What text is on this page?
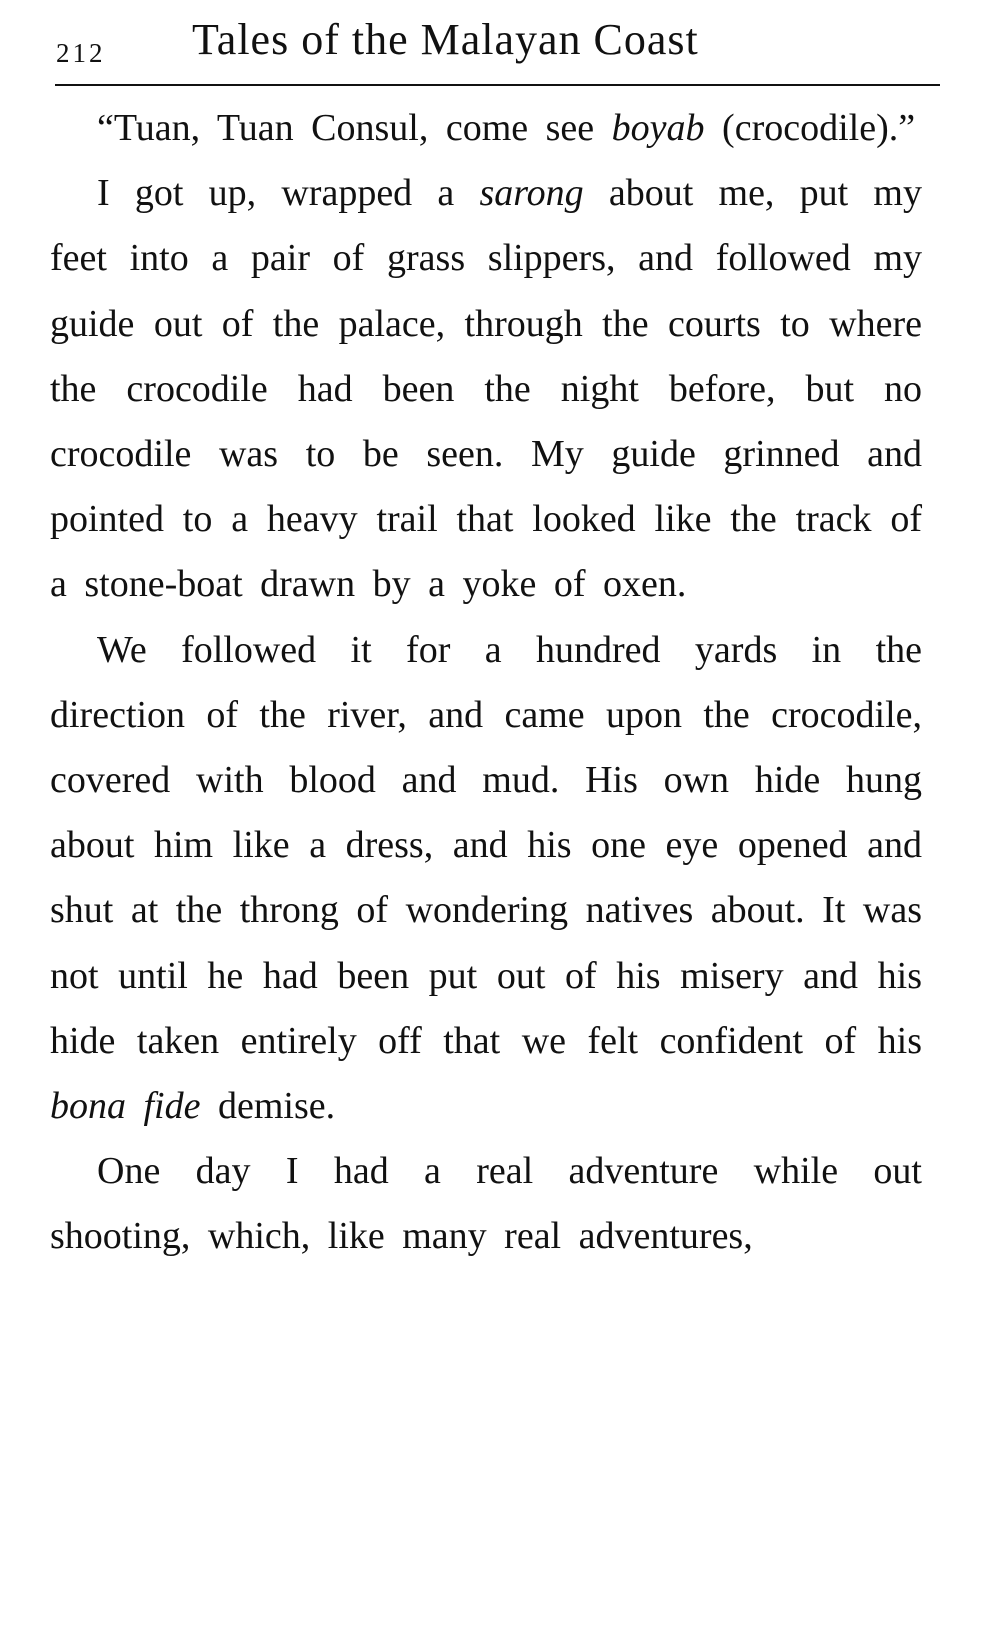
212 Tales of the Malayan Coast

“Tuan, Tuan Consul, come see boyab (crocodile).”

I got up, wrapped a sarong about me, put my feet into a pair of grass slippers, and followed my guide out of the palace, through the courts to where the crocodile had been the night before, but no crocodile was to be seen. My guide grinned and pointed to a heavy trail that looked like the track of a stone-boat drawn by a yoke of oxen.

We followed it for a hundred yards in the direction of the river, and came upon the crocodile, covered with blood and mud. His own hide hung about him like a dress, and his one eye opened and shut at the throng of wondering natives about. It was not until he had been put out of his misery and his hide taken entirely off that we felt confident of his bona fide demise.

One day I had a real adventure while out shooting, which, like many real adventures,
